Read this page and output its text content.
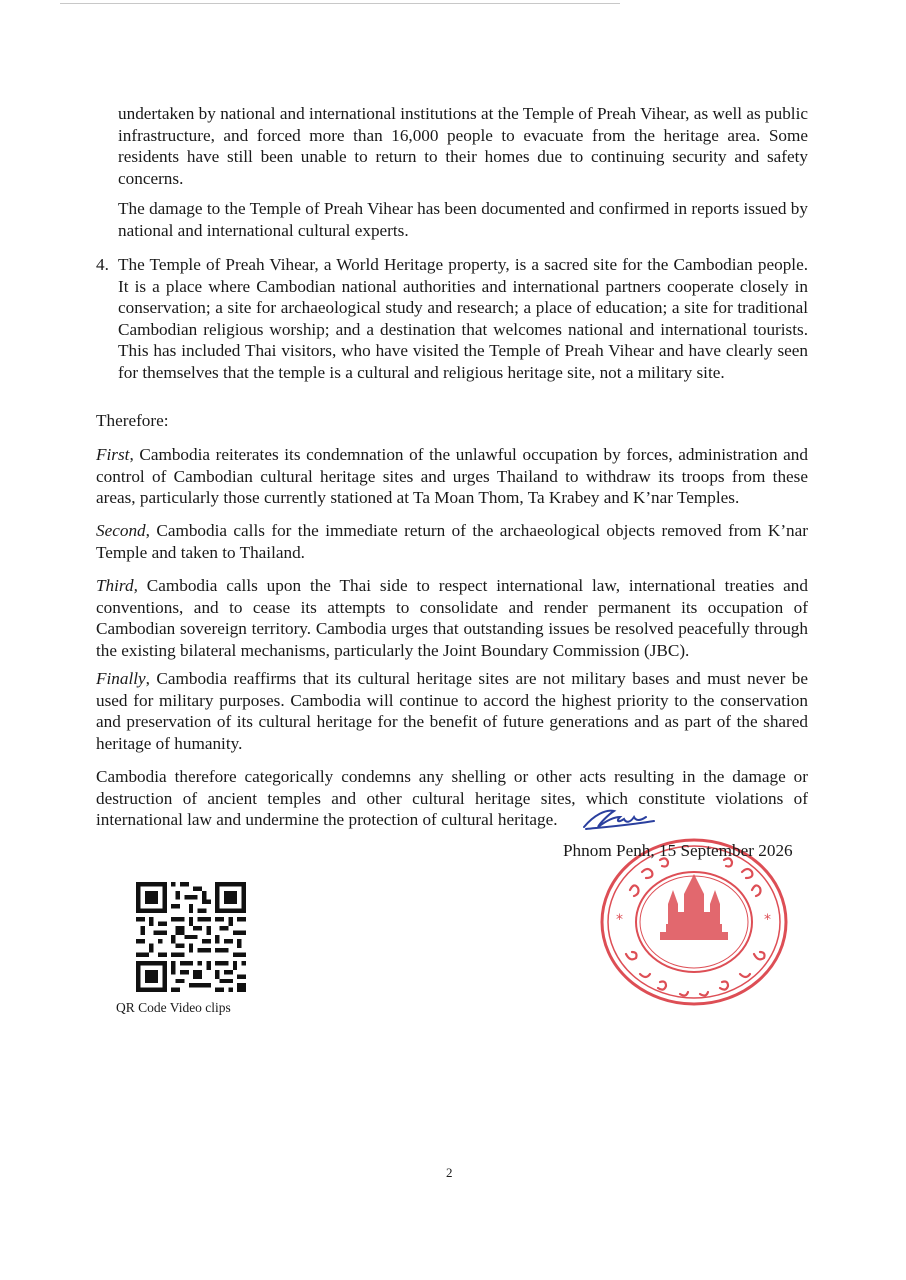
undertaken by national and international institutions at the Temple of Preah Vihear, as well as public infrastructure, and forced more than 16,000 people to evacuate from the heritage area. Some residents have still been unable to return to their homes due to continuing security and safety concerns.

The damage to the Temple of Preah Vihear has been documented and confirmed in reports issued by national and international cultural experts.

4. The Temple of Preah Vihear, a World Heritage property, is a sacred site for the Cambodian people. It is a place where Cambodian national authorities and international partners cooperate closely in conservation; a site for archaeological study and research; a place of education; a site for traditional Cambodian religious worship; and a destination that welcomes national and international tourists. This has included Thai visitors, who have visited the Temple of Preah Vihear and have clearly seen for themselves that the temple is a cultural and religious heritage site, not a military site.

Therefore:

First, Cambodia reiterates its condemnation of the unlawful occupation by forces, administration and control of Cambodian cultural heritage sites and urges Thailand to withdraw its troops from these areas, particularly those currently stationed at Ta Moan Thom, Ta Krabey and K’nar Temples.

Second, Cambodia calls for the immediate return of the archaeological objects removed from K’nar Temple and taken to Thailand.

Third, Cambodia calls upon the Thai side to respect international law, international treaties and conventions, and to cease its attempts to consolidate and render permanent its occupation of Cambodian sovereign territory. Cambodia urges that outstanding issues be resolved peacefully through the existing bilateral mechanisms, particularly the Joint Boundary Commission (JBC).

Finally, Cambodia reaffirms that its cultural heritage sites are not military bases and must never be used for military purposes. Cambodia will continue to accord the highest priority to the conservation and preservation of its cultural heritage for the benefit of future generations and as part of the shared heritage of humanity.

Cambodia therefore categorically condemns any shelling or other acts resulting in the damage or destruction of ancient temples and other cultural heritage sites, which constitute violations of international law and undermine the protection of cultural heritage.

*	*
Phnom Penh, 15 September 2026
QR Code Video clips
2
